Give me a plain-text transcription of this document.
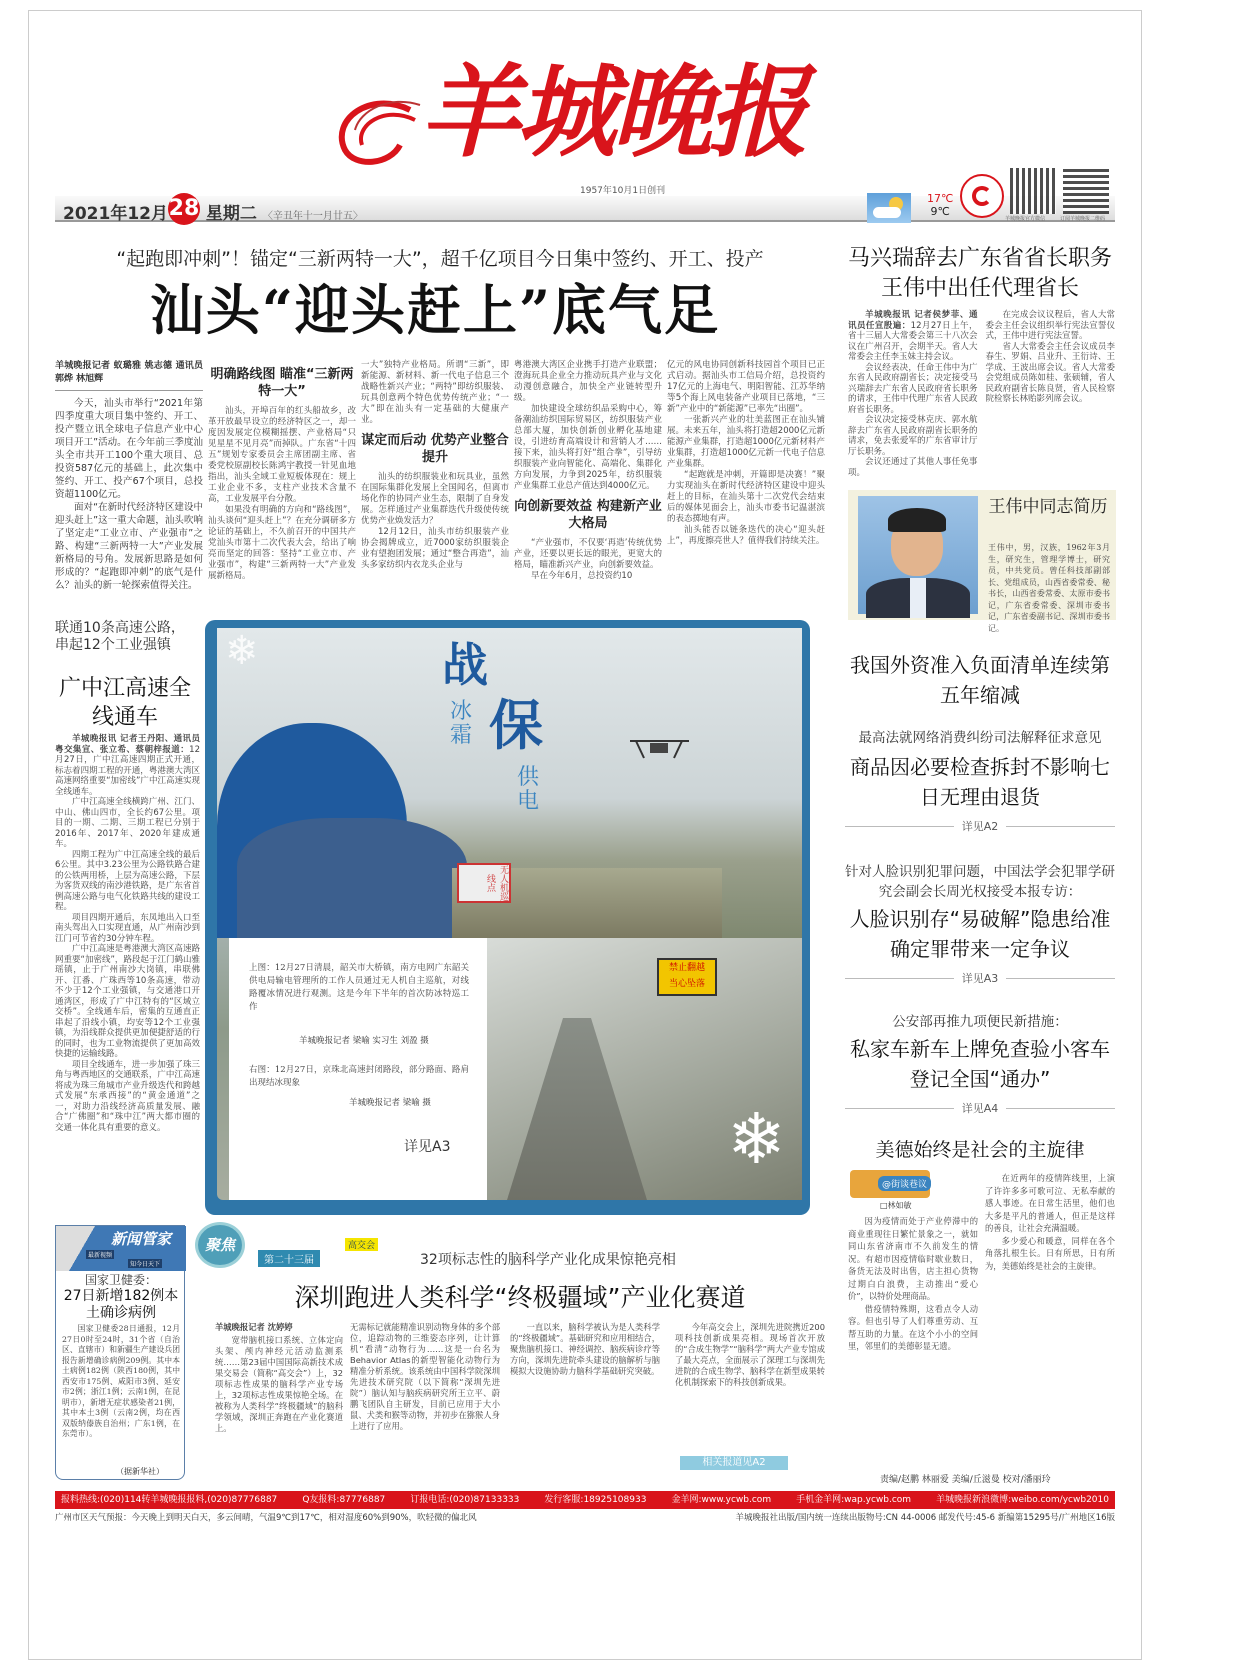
羊城晚报
1957年10月1日创刊
2021年12月28 星期二 〈辛丑年十一月廿五〉
17℃
9℃
羊城晚报官方微信	订阅羊城晚报二维码
“起跑即冲刺”！锚定“三新两特一大”，超千亿项目今日集中签约、开工、投产
汕头“迎头赶上”底气足
羊城晚报记者 蚁璐雅 姚志德 通讯员 郭烨 林旭辉

今天，汕头市举行“2021年第四季度重大项目集中签约、开工、投产暨立讯全球电子信息产业中心项目开工”活动。在今年前三季度汕头全市共开工100个重大项目、总投资587亿元的基础上，此次集中签约、开工、投产67个项目，总投资超1100亿元。

面对“在新时代经济特区建设中迎头赶上”这一重大命题，汕头吹响了坚定走“工业立市、产业强市”之路、构建“三新两特一大”产业发展新格局的号角。发展新思路是如何形成的？“起跑即冲刺”的底气是什么？汕头的新一轮探索值得关注。

明确路线图 瞄准“三新两特一大”

汕头，开埠百年的红头船故乡，改革开放最早设立的经济特区之一，却一度因发展定位模糊摇摆、产业格局“只见星星不见月亮”而掉队。广东省“十四五”规划专家委员会主席团副主席、省委党校原副校长陈鸿宇教授一针见血地指出，汕头全域工业短板体现在：规上工业企业不多，支柱产业技术含量不高，工业发展平台分散。

如果没有明确的方向和“路线图”，汕头谈何“迎头赶上”？在充分调研多方论证的基础上，不久前召开的中国共产党汕头市第十二次代表大会，给出了响亮而坚定的回答：坚持“工业立市、产业强市”，构建“三新两特一大”产业发展新格局。

一大”独特产业格局。所谓“三新”，即新能源、新材料、新一代电子信息三个战略性新兴产业；“两特”即纺织服装、玩具创意两个特色优势传统产业；“一大”即在汕头有一定基础的大健康产业。

谋定而后动 优势产业整合提升

汕头的纺织服装业和玩具业，虽然在国际集群化发展上全国闻名，但离市场化作的协同产业生态，限制了自身发展。怎样通过产业集群迭代升级使传统优势产业焕发活力？

12月12日，汕头市纺织服装产业协会揭牌成立，近7000家纺织服装企业有望抱团发展；通过“整合再造”，汕头多家纺织内衣龙头企业与

粤港澳大湾区企业携手打造产业联盟；澄海玩具企业全力推动玩具产业与文化动漫创意融合，加快全产业链转型升级。

加快建设全球纺织品采购中心，筹备潮汕纺织国际贸易区，纺织服装产业总部大厦，加快创新创业孵化基地建设，引进纺育高端设计和营销人才……接下来，汕头将打好“组合拳”，引导纺织服装产业向智能化、高端化、集群化方向发展，力争到2025年，纺织服装产业集群工业总产值达到4000亿元。

向创新要效益 构建新产业大格局

“产业强市，不仅要‘再造’传统优势产业，还要以更长远的眼光，更宽大的格局，瞄准新兴产业，向创新要效益。

早在今年6月，总投资约10

亿元的风电协同创新科技园首个项目已正式启动。据汕头市工信局介绍，总投资约17亿元的上海电气、明阳智能、江苏华纳等5个海上风电装备产业项目已落地，“三新”产业中的“新能源”已率先“出圈”。

一张新兴产业的壮美蓝图正在汕头铺展。未来五年，汕头将打造超2000亿元新能源产业集群，打造超1000亿元新材料产业集群，打造超1000亿元新一代电子信息产业集群。

“起跑就是冲刺，开篇即是决赛！”聚力实现汕头在新时代经济特区建设中迎头赶上的目标，在汕头第十二次党代会结束后的媒体见面会上，汕头市委书记温湛滨的表态掷地有声。

汕头能否以链条迭代的决心“迎头赶上”，再度擦亮世人？值得我们持续关注。

马兴瑞辞去广东省省长职务 王伟中出任代理省长

羊城晚报讯 记者侯梦菲、通讯员任宣殷遍：12月27日上午，省十三届人大常委会第三十八次会议在广州召开，会期半天。省人大常委会主任李玉妹主持会议。

会议经表决，任命王伟中为广东省人民政府副省长；决定接受马兴瑞辞去广东省人民政府省长职务的请求，王伟中代理广东省人民政府省长职务。

会议决定接受林克庆、郭水航辞去广东省人民政府副省长职务的请求，免去张爱军的广东省审计厅厅长职务。

会议还通过了其他人事任免事项。

在完成会议议程后，省人大常委会主任会议组织举行宪法宣誓仪式，王伟中进行宪法宣誓。

省人大常委会主任会议成员李春生、罗娟、吕业升、王衍诗、王学成、王波出席会议。省人大常委会党组成员陈如桂、张硕辅，省人民政府副省长陈良贤，省人民检察院检察长林贻影列席会议。

王伟中同志简历
王伟中，男，汉族，1962年3月生，研究生，管理学博士，研究员，中共党员。曾任科技部副部长、党组成员，山西省委常委、秘书长，山西省委常委、太原市委书记，广东省委常委、深圳市委书记，广东省委副书记、深圳市委书记。
联通10条高速公路，串起12个工业强镇
广中江高速全线通车

羊城晚报讯 记者王丹阳、通讯员粤交集宣、张立希、蔡朝梓报道：12月27日，广中江高速四期正式开通，标志着四期工程的开通，粤港澳大湾区高速网络重要“加密线”广中江高速实现全线通车。

广中江高速全线横跨广州、江门、中山、佛山四市，全长约67公里。项目的一期、二期、三期工程已分别于2016年、2017年、2020年建成通车。

四期工程为广中江高速全线的最后6公里。其中3.23公里为公路铁路合建的公铁两用桥，上层为高速公路，下层为客货双线的南沙港铁路，是广东省首例高速公路与电气化铁路共线的建设工程。

项目四期开通后，东凤地出入口至南头驾出入口实现直通，从广州南沙到江门可节省约30分钟车程。

广中江高速是粤港澳大湾区高速路网重要“加密线”，路段起于江门鹤山雅瑶镇，止于广州南沙大岗镇，串联佛开、江番、广珠西等10条高速，带动不少于12个工业强镇，与交通港口开通湾区，形成了广中江特有的“区域立交桥”。全线通车后，密集的互通直正串起了沿线小镇，均安等12个工业强镇，为沿线群众提供更加便捷舒适的行的同时，也为工业物流提供了更加高效快捷的运输线路。

项目全线通车，进一步加强了珠三角与粤西地区的交通联系，广中江高速将成为珠三角城市产业升级迭代和跨越式发展“东承西接”的“黄金通道”之一，对助力沿线经济高质量发展、融合“广佛圈”和“珠中江”两大都市圈的交通一体化具有重要的意义。

无人机巡线点
战
冰
霜 保
供
电
❄
禁止翻越
当心坠落
❄
上图：12月27日清晨，韶关市大桥镇，南方电网广东韶关供电局输电管理所的工作人员通过无人机自主巡航，对线路覆冰情况进行观测。这是今年下半年的首次防冰特巡工作
羊城晚报记者 梁喻 实习生 刘盈 摄
右图：12月27日，京珠北高速封闭路段，部分路面、路肩出现结冰现象
羊城晚报记者 梁喻 摄
详见A3
我国外资准入负面清单连续第五年缩减
最高法就网络消费纠纷司法解释征求意见
商品因必要检查拆封不影响七日无理由退货
详见A2
针对人脸识别犯罪问题，中国法学会犯罪学研究会副会长周光权接受本报专访：
人脸识别存“易破解”隐患给准确定罪带来一定争议
详见A3
公安部再推九项便民新措施：
私家车新车上牌免查验小客车登记全国“通办”
详见A4
美德始终是社会的主旋律
@街谈巷议
□林如敏

因为疫情而处于产业停滞中的商业重现往日繁忙景象之一，就如同山东省济南市不久前发生的情况。有超市因疫情临时歇业数日，备货无法及时出售，店主担心货物过期白白浪费，主动推出“爱心价”，以特价处理商品。

借疫情特殊期，这看点令人动容。但也引导了人们尊重劳动、互帮互助的力量。在这个小小的空间里，邻里们的美德彰显无遗。

在近两年的疫情阵线里，上演了许许多多可歌可泣、无私奉献的感人事迹。在日常生活里，他们也大多是平凡的普通人，但正是这样的善良，让社会充满温暖。

多少爱心和暖意，同样在各个角落扎根生长。日有所思，日有所为，美德始终是社会的主旋律。

新闻管家
最新视频
知今日天下
国家卫健委：
27日新增182例本土确诊病例
国家卫健委28日通报，12月27日0时至24时，31个省（自治区、直辖市）和新疆生产建设兵团报告新增确诊病例209例。其中本土病例182例（陕西180例，其中西安市175例、咸阳市3例、延安市2例；浙江1例；云南1例，在昆明市），新增无症状感染者21例，其中本土3例（云南2例，均在西双版纳傣族自治州；广东1例，在东莞市）。
（据新华社）
聚焦
第二十三届
高交会
32项标志性的脑科学产业化成果惊艳亮相
深圳跑进人类科学“终极疆域”产业化赛道
羊城晚报记者 沈婷婷

宽带脑机接口系统、立体定向头架、颅内神经元活动监测系统……第23届中国国际高新技术成果交易会（简称“高交会”）上，32项标志性成果的脑科学产业专场上，32项标志性成果惊艳全场。在被称为人类科学“终极疆域”的脑科学领域，深圳正奔跑在产业化赛道上。

无需标记就能精准识别动物身体的多个部位，追踪动物的三维姿态序列，让计算机“看清”动物行为……这是一台名为Behavior Atlas的新型智能化动物行为精准分析系统。该系统由中国科学院深圳先进技术研究院（以下简称“深圳先进院”）脑认知与脑疾病研究所王立平、蔚鹏飞团队自主研发，目前已应用于大小鼠、犬类和猴等动物，并初步在猕猴人身上进行了应用。

一直以来，脑科学被认为是人类科学的“终极疆域”。基础研究和应用相结合，聚焦脑机接口、神经调控、脑疾病诊疗等方向，深圳先进院牵头建设的脑解析与脑模拟大设施协助力脑科学基础研究突破。

今年高交会上，深圳先进院携近200项科技创新成果亮相。现场首次开放的“合成生物学”“脑科学”两大产业专馆成了最大亮点，全面展示了深理工与深圳先进院的合成生物学、脑科学在新型成果转化机制探索下的科技创新成果。

相关报道见A2
责编/赵鹏 林丽爱 美编/丘滋曼 校对/潘丽玲
报料热线:(020)114转羊城晚报报料,(020)87776887	Q友报料:87776887	订报电话:(020)87133333	发行客服:18925108933	金羊网:www.ycwb.com	手机金羊网:wap.ycwb.com	羊城晚报新浪微博:weibo.com/ycwb2010
广州市区天气预报：今天晚上到明天白天，多云间晴，气温9℃到17℃，相对湿度60%到90%，吹轻微的偏北风	羊城晚报社出版/国内统一连续出版物号:CN 44-0006 邮发代号:45-6 新编第15295号/广州地区16版
